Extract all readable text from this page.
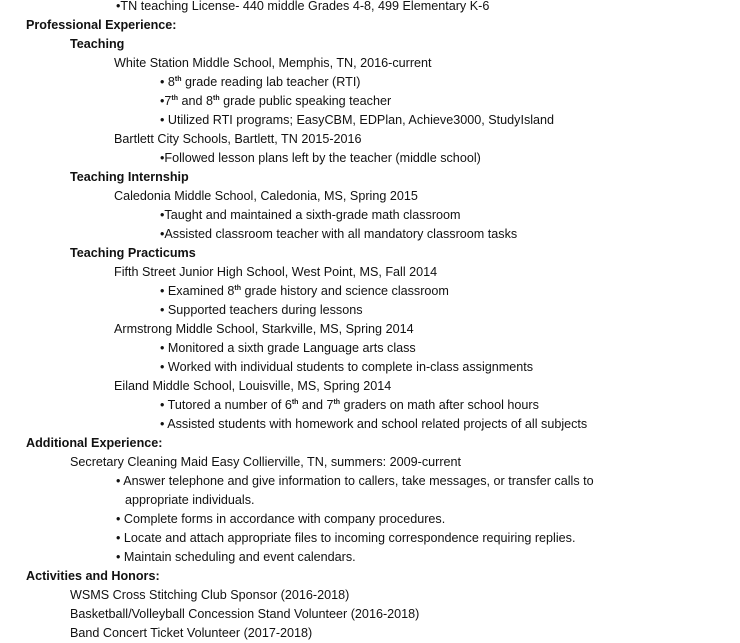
•TN teaching License- 440 middle Grades 4-8, 499 Elementary K-6
Professional Experience:
Teaching
White Station Middle School, Memphis, TN, 2016-current
• 8th grade reading lab teacher (RTI)
•7th and 8th grade public speaking teacher
• Utilized RTI programs; EasyCBM, EDPlan, Achieve3000, StudyIsland
Bartlett City Schools, Bartlett, TN 2015-2016
•Followed lesson plans left by the teacher (middle school)
Teaching Internship
Caledonia Middle School, Caledonia, MS, Spring 2015
•Taught and maintained a sixth-grade math classroom
•Assisted classroom teacher with all mandatory classroom tasks
Teaching Practicums
Fifth Street Junior High School, West Point, MS, Fall 2014
• Examined 8th grade history and science classroom
• Supported teachers during lessons
Armstrong Middle School, Starkville, MS, Spring 2014
• Monitored a sixth grade Language arts class
• Worked with individual students to complete in-class assignments
Eiland Middle School, Louisville, MS, Spring 2014
• Tutored a number of 6th and 7th graders on math after school hours
• Assisted students with homework and school related projects of all subjects
Additional Experience:
Secretary Cleaning Maid Easy Collierville, TN, summers: 2009-current
• Answer telephone and give information to callers, take messages, or transfer calls to
appropriate individuals.
• Complete forms in accordance with company procedures.
• Locate and attach appropriate files to incoming correspondence requiring replies.
• Maintain scheduling and event calendars.
Activities and Honors:
WSMS Cross Stitching Club Sponsor (2016-2018)
Basketball/Volleyball Concession Stand Volunteer (2016-2018)
Band Concert Ticket Volunteer (2017-2018)
